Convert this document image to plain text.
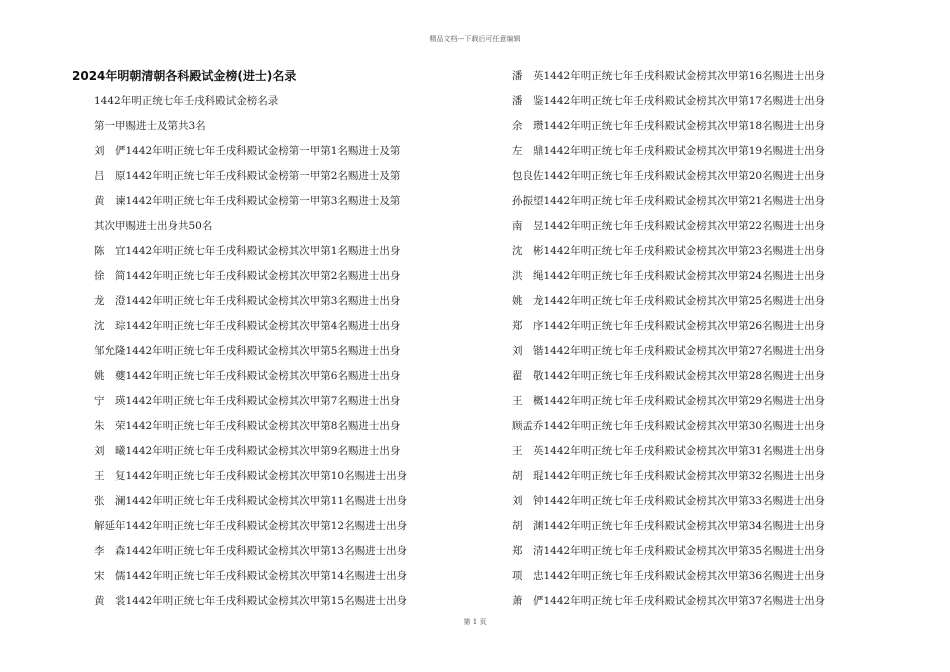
精品文档---下载后可任意编辑
2024年明朝清朝各科殿试金榜(进士)名录
1442年明正统七年壬戌科殿试金榜名录
第一甲赐进士及第共3名
刘　俨1442年明正统七年壬戌科殿试金榜第一甲第1名赐进士及第
吕　原1442年明正统七年壬戌科殿试金榜第一甲第2名赐进士及第
黄　谏1442年明正统七年壬戌科殿试金榜第一甲第3名赐进士及第
其次甲赐进士出身共50名
陈　宜1442年明正统七年壬戌科殿试金榜其次甲第1名赐进士出身
徐　简1442年明正统七年壬戌科殿试金榜其次甲第2名赐进士出身
龙　澄1442年明正统七年壬戌科殿试金榜其次甲第3名赐进士出身
沈　琮1442年明正统七年壬戌科殿试金榜其次甲第4名赐进士出身
邹允隆1442年明正统七年壬戌科殿试金榜其次甲第5名赐进士出身
姚　夔1442年明正统七年壬戌科殿试金榜其次甲第6名赐进士出身
宁　瑛1442年明正统七年壬戌科殿试金榜其次甲第7名赐进士出身
朱　荣1442年明正统七年壬戌科殿试金榜其次甲第8名赐进士出身
刘　曦1442年明正统七年壬戌科殿试金榜其次甲第9名赐进士出身
王　复1442年明正统七年壬戌科殿试金榜其次甲第10名赐进士出身
张　澜1442年明正统七年壬戌科殿试金榜其次甲第11名赐进士出身
解延年1442年明正统七年壬戌科殿试金榜其次甲第12名赐进士出身
李　森1442年明正统七年壬戌科殿试金榜其次甲第13名赐进士出身
宋　儒1442年明正统七年壬戌科殿试金榜其次甲第14名赐进士出身
黄　裳1442年明正统七年壬戌科殿试金榜其次甲第15名赐进士出身
潘　英1442年明正统七年壬戌科殿试金榜其次甲第16名赐进士出身
潘　鉴1442年明正统七年壬戌科殿试金榜其次甲第17名赐进士出身
余　瓒1442年明正统七年壬戌科殿试金榜其次甲第18名赐进士出身
左　鼎1442年明正统七年壬戌科殿试金榜其次甲第19名赐进士出身
包良佐1442年明正统七年壬戌科殿试金榜其次甲第20名赐进士出身
孙振望1442年明正统七年壬戌科殿试金榜其次甲第21名赐进士出身
南　昱1442年明正统七年壬戌科殿试金榜其次甲第22名赐进士出身
沈　彬1442年明正统七年壬戌科殿试金榜其次甲第23名赐进士出身
洪　绳1442年明正统七年壬戌科殿试金榜其次甲第24名赐进士出身
姚　龙1442年明正统七年壬戌科殿试金榜其次甲第25名赐进士出身
郑　序1442年明正统七年壬戌科殿试金榜其次甲第26名赐进士出身
刘　锴1442年明正统七年壬戌科殿试金榜其次甲第27名赐进士出身
翟　敬1442年明正统七年壬戌科殿试金榜其次甲第28名赐进士出身
王　概1442年明正统七年壬戌科殿试金榜其次甲第29名赐进士出身
顾孟乔1442年明正统七年壬戌科殿试金榜其次甲第30名赐进士出身
王　英1442年明正统七年壬戌科殿试金榜其次甲第31名赐进士出身
胡　琨1442年明正统七年壬戌科殿试金榜其次甲第32名赐进士出身
刘　钟1442年明正统七年壬戌科殿试金榜其次甲第33名赐进士出身
胡　渊1442年明正统七年壬戌科殿试金榜其次甲第34名赐进士出身
郑　清1442年明正统七年壬戌科殿试金榜其次甲第35名赐进士出身
项　忠1442年明正统七年壬戌科殿试金榜其次甲第36名赐进士出身
萧　俨1442年明正统七年壬戌科殿试金榜其次甲第37名赐进士出身
第 1 页
